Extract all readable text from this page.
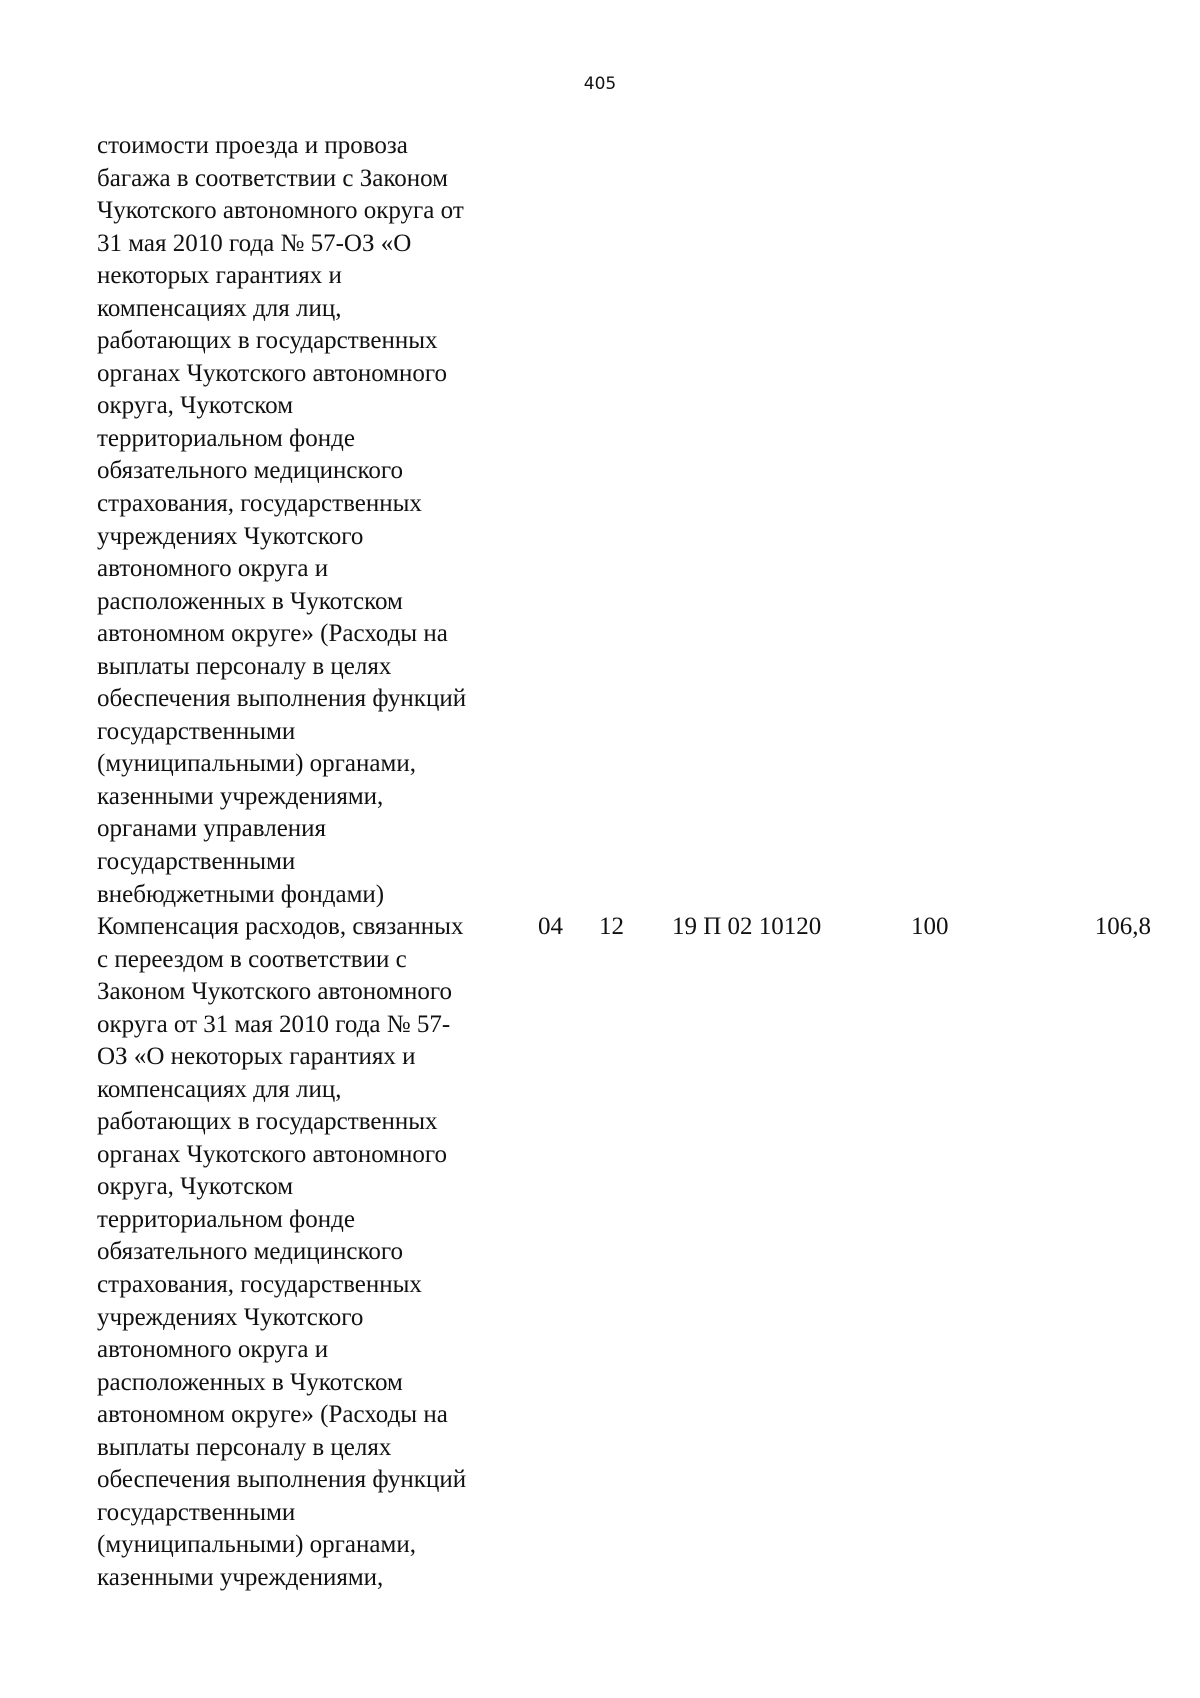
405
стоимости проезда и провоза
багажа в соответствии с Законом
Чукотского автономного округа от
31 мая 2010 года № 57-ОЗ «О
некоторых гарантиях и
компенсациях для лиц,
работающих в государственных
органах Чукотского автономного
округа, Чукотском
территориальном фонде
обязательного медицинского
страхования, государственных
учреждениях Чукотского
автономного округа и
расположенных в Чукотском
автономном округе» (Расходы на
выплаты персоналу в целях
обеспечения выполнения функций
государственными
(муниципальными) органами,
казенными учреждениями,
органами управления
государственными
внебюджетными фондами)
Компенсация расходов, связанных
с переездом в соответствии с
Законом Чукотского автономного
округа от 31 мая 2010 года № 57-
ОЗ «О некоторых гарантиях и
компенсациях для лиц,
работающих в государственных
органах Чукотского автономного
округа, Чукотском
территориальном фонде
обязательного медицинского
страхования, государственных
учреждениях Чукотского
автономного округа и
расположенных в Чукотском
автономном округе» (Расходы на
выплаты персоналу в целях
обеспечения выполнения функций
государственными
(муниципальными) органами,
казенными учреждениями,
04 12 19 П 02 10120	100	106,8
